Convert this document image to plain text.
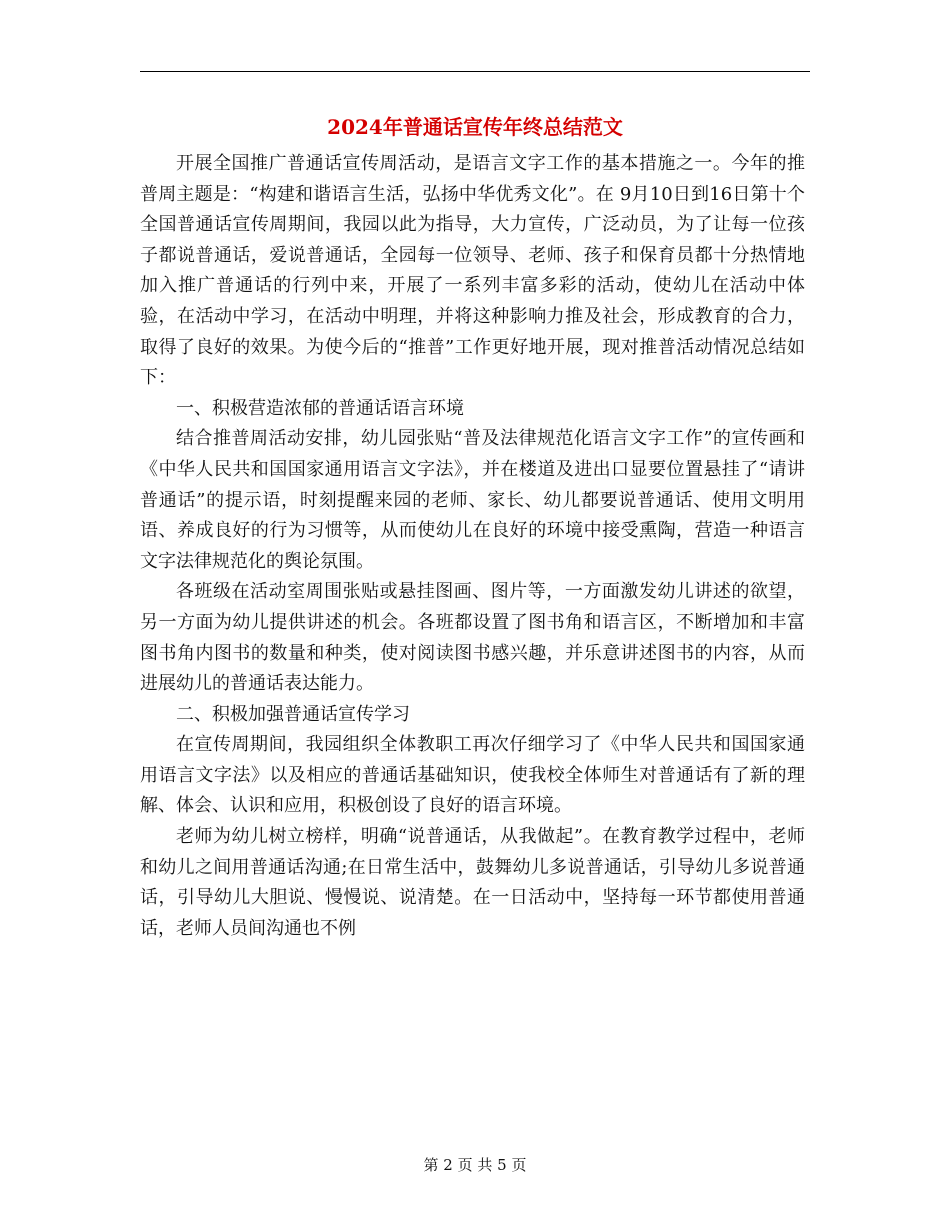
2024年普通话宣传年终总结范文

开展全国推广普通话宣传周活动，是语言文字工作的基本措施之一。今年的推普周主题是：“构建和谐语言生活，弘扬中华优秀文化”。在 9月10日到16日第十个全国普通话宣传周期间，我园以此为指导，大力宣传，广泛动员，为了让每一位孩子都说普通话，爱说普通话，全园每一位领导、老师、孩子和保育员都十分热情地加入推广普通话的行列中来，开展了一系列丰富多彩的活动，使幼儿在活动中体验，在活动中学习，在活动中明理，并将这种影响力推及社会，形成教育的合力，取得了良好的效果。为使今后的“推普”工作更好地开展，现对推普活动情况总结如下：

一、积极营造浓郁的普通话语言环境

结合推普周活动安排，幼儿园张贴“普及法律规范化语言文字工作”的宣传画和《中华人民共和国国家通用语言文字法》，并在楼道及进出口显要位置悬挂了“请讲普通话”的提示语，时刻提醒来园的老师、家长、幼儿都要说普通话、使用文明用语、养成良好的行为习惯等，从而使幼儿在良好的环境中接受熏陶，营造一种语言文字法律规范化的舆论氛围。

各班级在活动室周围张贴或悬挂图画、图片等，一方面激发幼儿讲述的欲望，另一方面为幼儿提供讲述的机会。各班都设置了图书角和语言区，不断增加和丰富图书角内图书的数量和种类，使对阅读图书感兴趣，并乐意讲述图书的内容，从而进展幼儿的普通话表达能力。

二、积极加强普通话宣传学习

在宣传周期间，我园组织全体教职工再次仔细学习了《中华人民共和国国家通用语言文字法》以及相应的普通话基础知识，使我校全体师生对普通话有了新的理解、体会、认识和应用，积极创设了良好的语言环境。

老师为幼儿树立榜样，明确“说普通话，从我做起”。在教育教学过程中，老师和幼儿之间用普通话沟通;在日常生活中，鼓舞幼儿多说普通话，引导幼儿多说普通话，引导幼儿大胆说、慢慢说、说清楚。在一日活动中，坚持每一环节都使用普通话，老师人员间沟通也不例

第 2 页 共 5 页
